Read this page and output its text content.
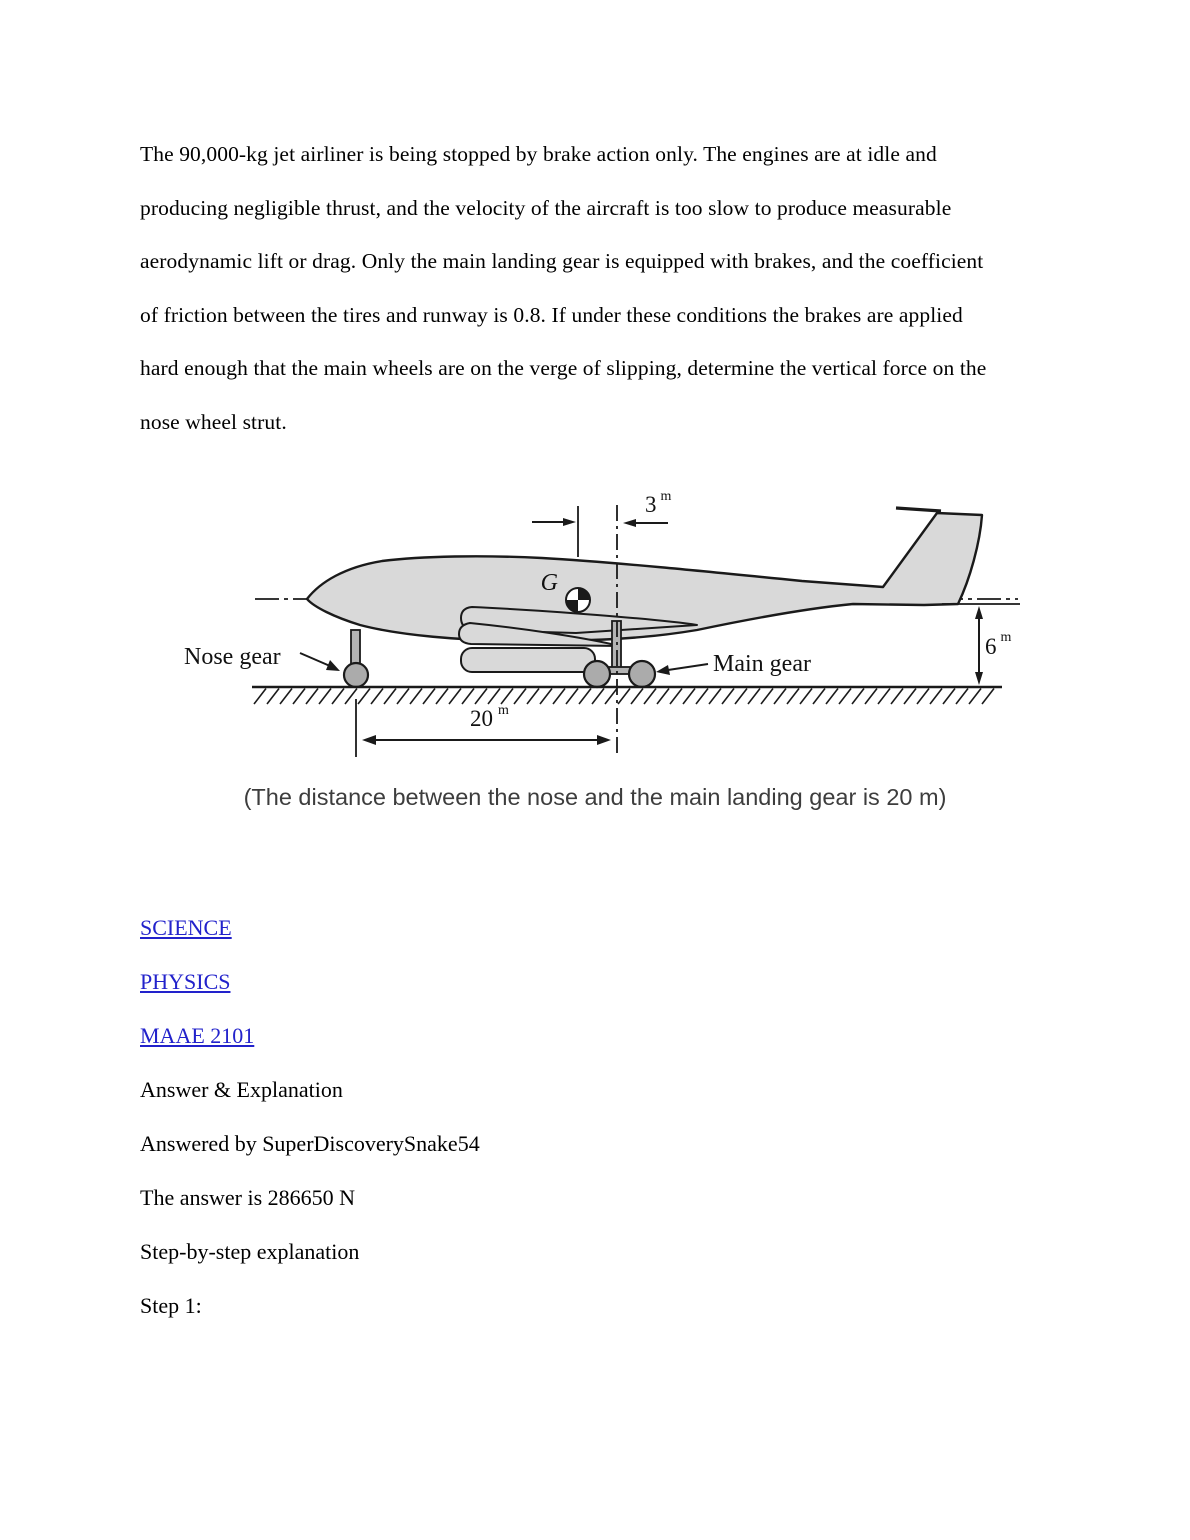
The 90,000-kg jet airliner is being stopped by brake action only. The engines are at idle and
producing negligible thrust, and the velocity of the aircraft is too slow to produce measurable
aerodynamic lift or drag. Only the main landing gear is equipped with brakes, and the coefficient
of friction between the tires and runway is 0.8. If under these conditions the brakes are applied
hard enough that the main wheels are on the verge of slipping, determine the vertical force on the
nose wheel strut.
3 $^m$
G
6 $^m$
20 $^m$
Nose gear	Main gear
(The distance between the nose and the main landing gear is 20 m)
SCIENCE
PHYSICS
MAAE 2101
Answer & Explanation
Answered by SuperDiscoverySnake54
The answer is 286650 N
Step-by-step explanation
Step 1:
